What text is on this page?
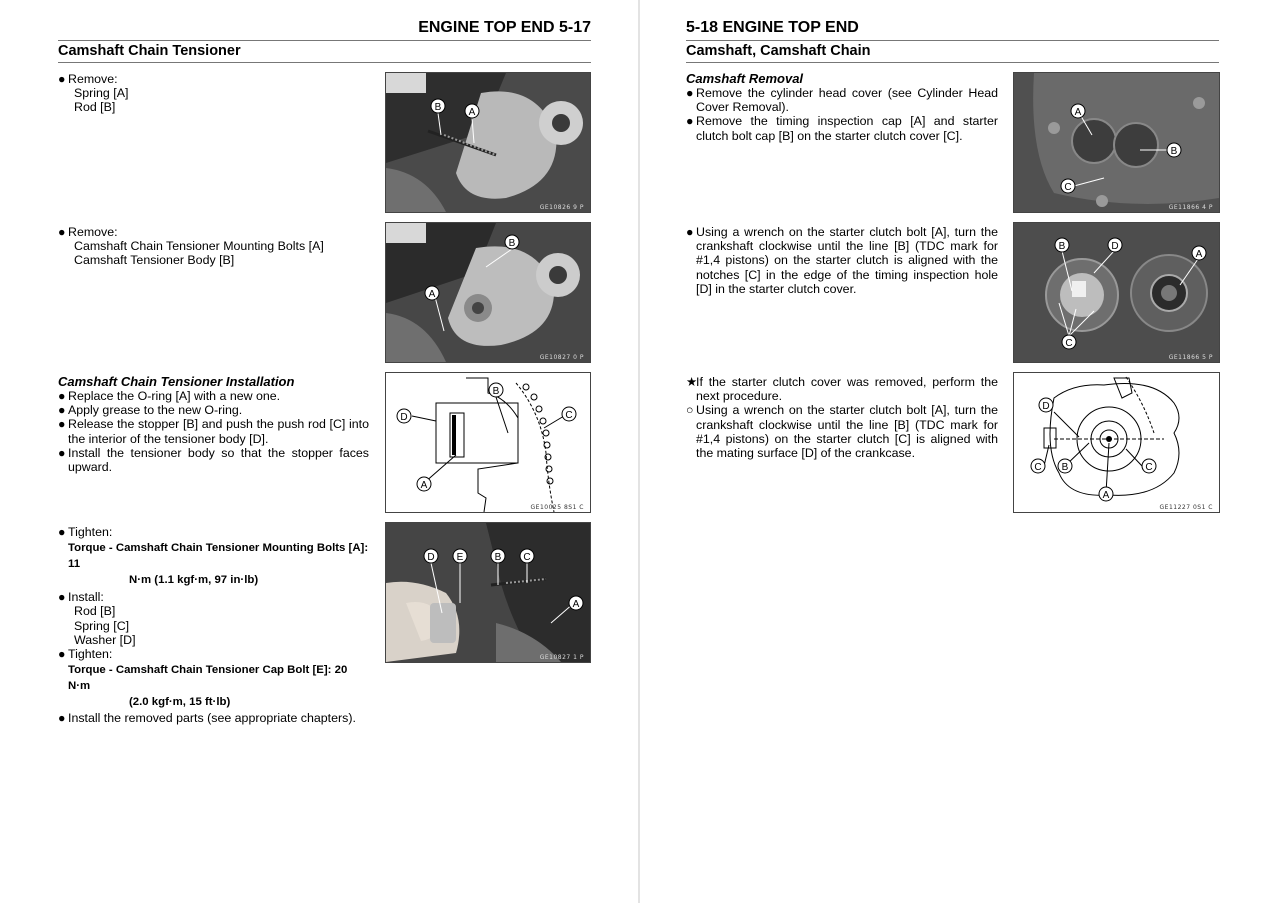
ENGINE TOP END 5-17
Camshaft Chain Tensioner
● Remove:
Spring [A]
Rod [B]
● Remove:
Camshaft Chain Tensioner Mounting Bolts [A]
Camshaft Tensioner Body [B]
Camshaft Chain Tensioner Installation
● Replace the O-ring [A] with a new one.
● Apply grease to the new O-ring.
● Release the stopper [B] and push the push rod [C] into the interior of the tensioner body [D].
● Install the tensioner body so that the stopper faces upward.
● Tighten:
Torque - Camshaft Chain Tensioner Mounting Bolts [A]: 11
N·m (1.1 kgf·m, 97 in·lb)
● Install:
Rod [B]
Spring [C]
Washer [D]
● Tighten:
Torque - Camshaft Chain Tensioner Cap Bolt [E]: 20 N·m
(2.0 kgf·m, 15 ft·lb)
● Install the removed parts (see appropriate chapters).
B	A
GE10826 9 P
B
A
GE10827 0 P
B
C
D
A
GE10025 8S1 C
D E	B C
A
GE10827 1 P
5-18 ENGINE TOP END
Camshaft, Camshaft Chain
Camshaft Removal
● Remove the cylinder head cover (see Cylinder Head Cover Removal).
● Remove the timing inspection cap [A] and starter clutch bolt cap [B] on the starter clutch cover [C].
● Using a wrench on the starter clutch bolt [A], turn the crankshaft clockwise until the line [B] (TDC mark for #1,4 pistons) on the starter clutch is aligned with the notches [C] in the edge of the timing inspection hole [D] in the starter clutch cover.
★
If the starter clutch cover was removed, perform the next procedure.
○ Using a wrench on the starter clutch bolt [A], turn the crankshaft clockwise until the line [B] (TDC mark for #1,4 pistons) on the starter clutch [C] is aligned with the mating surface [D] of the crankcase.
A
B
C
GE11866 4 P
B	D
A
C
GE11866 5 P
D
C B	C
A
GE11227 0S1 C
